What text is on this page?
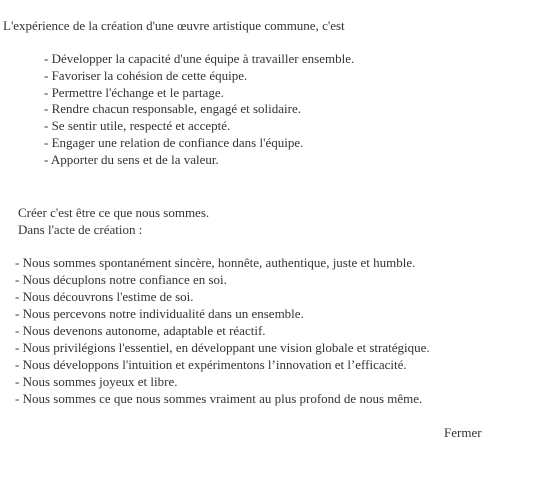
L'expérience de la création d'une œuvre artistique commune, c'est
- Développer la capacité d'une équipe à travailler ensemble.
- Favoriser la cohésion de cette équipe.
- Permettre l'échange et le partage.
- Rendre chacun responsable, engagé et solidaire.
- Se sentir utile, respecté et accepté.
- Engager une relation de confiance dans l'équipe.
- Apporter du sens et de la valeur.
Créer c'est être ce que nous sommes.
Dans l'acte de création :
- Nous sommes spontanément sincère, honnête, authentique, juste et humble.
- Nous décuplons notre confiance en soi.
- Nous découvrons l'estime de soi.
- Nous percevons notre individualité dans un ensemble.
- Nous devenons autonome, adaptable et réactif.
- Nous privilégions l'essentiel, en développant une vision globale et stratégique.
- Nous développons l'intuition et expérimentons l’innovation et l’efficacité.
- Nous sommes joyeux et libre.
- Nous sommes ce que nous sommes vraiment au plus profond de nous même.
Fermer
